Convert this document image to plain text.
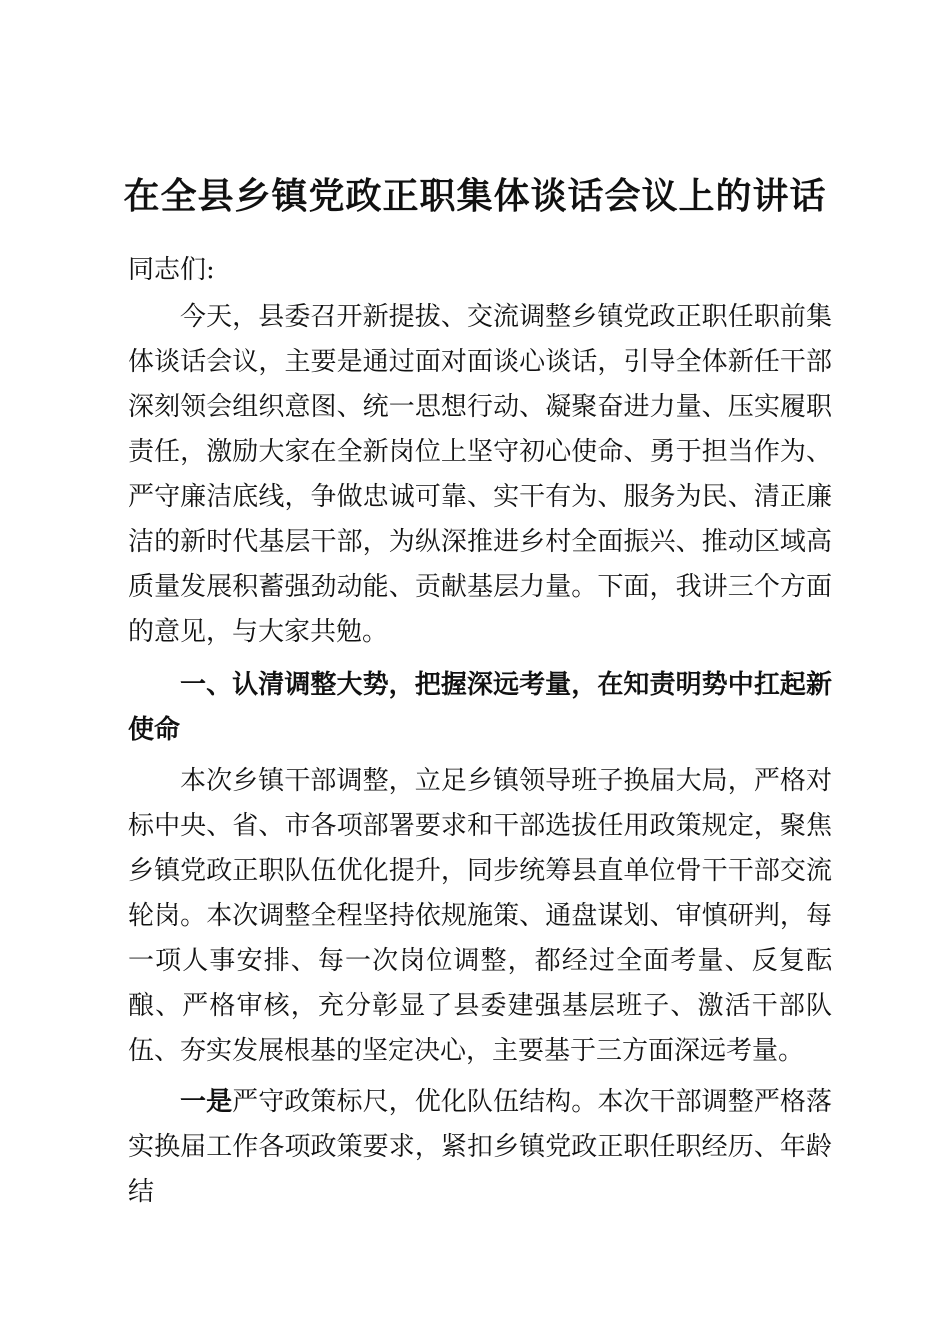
在全县乡镇党政正职集体谈话会议上的讲话

同志们:

今天，县委召开新提拔、交流调整乡镇党政正职任职前集体谈话会议，主要是通过面对面谈心谈话，引导全体新任干部深刻领会组织意图、统一思想行动、凝聚奋进力量、压实履职责任，激励大家在全新岗位上坚守初心使命、勇于担当作为、严守廉洁底线，争做忠诚可靠、实干有为、服务为民、清正廉洁的新时代基层干部，为纵深推进乡村全面振兴、推动区域高质量发展积蓄强劲动能、贡献基层力量。下面，我讲三个方面的意见，与大家共勉。

一、认清调整大势，把握深远考量，在知责明势中扛起新使命

本次乡镇干部调整，立足乡镇领导班子换届大局，严格对标中央、省、市各项部署要求和干部选拔任用政策规定，聚焦乡镇党政正职队伍优化提升，同步统筹县直单位骨干干部交流轮岗。本次调整全程坚持依规施策、通盘谋划、审慎研判，每一项人事安排、每一次岗位调整，都经过全面考量、反复酝酿、严格审核，充分彰显了县委建强基层班子、激活干部队伍、夯实发展根基的坚定决心，主要基于三方面深远考量。

一是严守政策标尺，优化队伍结构。本次干部调整严格落实换届工作各项政策要求，紧扣乡镇党政正职任职经历、年龄结
